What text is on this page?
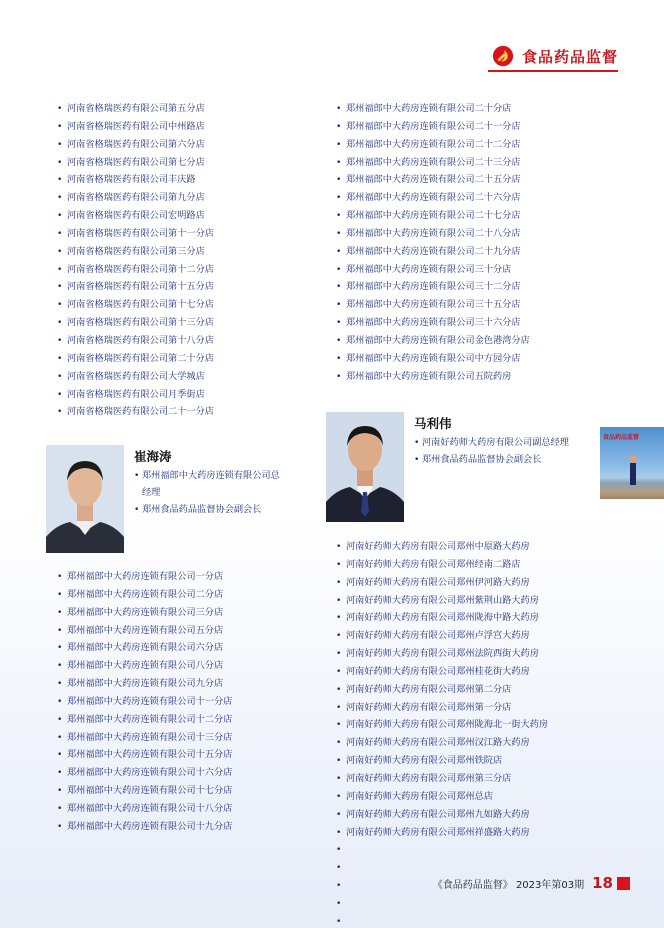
食品药品监督
• 河南省格瑞医药有限公司第五分店
• 河南省格瑞医药有限公司中州路店
• 河南省格瑞医药有限公司第六分店
• 河南省格瑞医药有限公司第七分店
• 河南省格瑞医药有限公司丰庆路
• 河南省格瑞医药有限公司第九分店
• 河南省格瑞医药有限公司宏明路店
• 河南省格瑞医药有限公司第十一分店
• 河南省格瑞医药有限公司第三分店
• 河南省格瑞医药有限公司第十二分店
• 河南省格瑞医药有限公司第十五分店
• 河南省格瑞医药有限公司第十七分店
• 河南省格瑞医药有限公司第十三分店
• 河南省格瑞医药有限公司第十八分店
• 河南省格瑞医药有限公司第二十分店
• 河南省格瑞医药有限公司大学城店
• 河南省格瑞医药有限公司月季街店
• 河南省格瑞医药有限公司二十一分店
• 郑州福郎中大药房连锁有限公司二十分店
• 郑州福郎中大药房连锁有限公司二十一分店
• 郑州福郎中大药房连锁有限公司二十二分店
• 郑州福郎中大药房连锁有限公司二十三分店
• 郑州福郎中大药房连锁有限公司二十五分店
• 郑州福郎中大药房连锁有限公司二十六分店
• 郑州福郎中大药房连锁有限公司二十七分店
• 郑州福郎中大药房连锁有限公司二十八分店
• 郑州福郎中大药房连锁有限公司二十九分店
• 郑州福郎中大药房连锁有限公司三十分店
• 郑州福郎中大药房连锁有限公司三十二分店
• 郑州福郎中大药房连锁有限公司三十五分店
• 郑州福郎中大药房连锁有限公司三十六分店
• 郑州福郎中大药房连锁有限公司金色港湾分店
• 郑州福郎中大药房连锁有限公司中方园分店
• 郑州福郎中大药房连锁有限公司五院药房
• 郑州福郎中大药房连锁有限公司一分店
• 郑州福郎中大药房连锁有限公司二分店
• 郑州福郎中大药房连锁有限公司三分店
• 郑州福郎中大药房连锁有限公司五分店
• 郑州福郎中大药房连锁有限公司六分店
• 郑州福郎中大药房连锁有限公司八分店
• 郑州福郎中大药房连锁有限公司九分店
• 郑州福郎中大药房连锁有限公司十一分店
• 郑州福郎中大药房连锁有限公司十二分店
• 郑州福郎中大药房连锁有限公司十三分店
• 郑州福郎中大药房连锁有限公司十五分店
• 郑州福郎中大药房连锁有限公司十六分店
• 郑州福郎中大药房连锁有限公司十七分店
• 郑州福郎中大药房连锁有限公司十八分店
• 郑州福郎中大药房连锁有限公司十九分店
• 河南好药师大药房有限公司郑州中原路大药房
• 河南好药师大药房有限公司郑州经南二路店
• 河南好药师大药房有限公司郑州伊河路大药房
• 河南好药师大药房有限公司郑州紫荆山路大药房
• 河南好药师大药房有限公司郑州陇海中路大药房
• 河南好药师大药房有限公司郑州卢浮宫大药房
• 河南好药师大药房有限公司郑州法院西街大药房
• 河南好药师大药房有限公司郑州桂花街大药房
• 河南好药师大药房有限公司郑州第二分店
• 河南好药师大药房有限公司郑州第一分店
• 河南好药师大药房有限公司郑州陇海北一街大药房
• 河南好药师大药房有限公司郑州汉江路大药房
• 河南好药师大药房有限公司郑州铁院店
• 河南好药师大药房有限公司郑州第三分店
• 河南好药师大药房有限公司郑州总店
• 河南好药师大药房有限公司郑州九如路大药房
• 河南好药师大药房有限公司郑州祥盛路大药房
•
•
•
•
•
崔海涛
• 郑州福郎中大药房连锁有限公司总经理
• 郑州食品药品监督协会副会长
马利伟
• 河南好药师大药房有限公司副总经理
• 郑州食品药品监督协会副会长
食品药品监督
《食品药品监督》 2023年第03期 18
